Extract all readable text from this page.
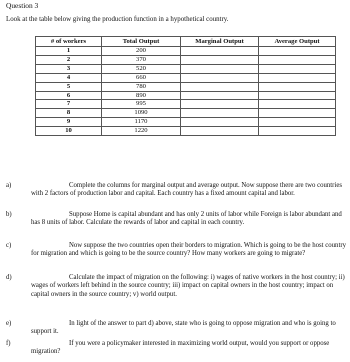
Question 3
Look at the table below giving the production function in a hypothetical country.
# of workers	Total Output	Marginal Output	Average Output
1	200		
2	370		
3	520		
4	660		
5	780		
6	890		
7	995		
8	1090		
9	1170		
10	1220		
a)	Complete the columns for marginal output and average output. Now suppose there are two countries with 2 factors of production labor and capital. Each country has a fixed amount capital and labor.
b)	Suppose Home is capital abundant and has only 2 units of labor while Foreign is labor abundant and has 8 units of labor. Calculate the rewards of labor and capital in each country.
c)	Now suppose the two countries open their borders to migration. Which is going to be the host country for migration and which is going to be the source country? How many workers are going to migrate?
d)	Calculate the impact of migration on the following: i) wages of native workers in the host country; ii) wages of workers left behind in the source country; iii) impact on capital owners in the host country; impact on capital owners in the source country; v) world output.
e)	In light of the answer to part d) above, state who is going to oppose migration and who is going to support it.
f)	If you were a policymaker interested in maximizing world output, would you support or oppose migration?
